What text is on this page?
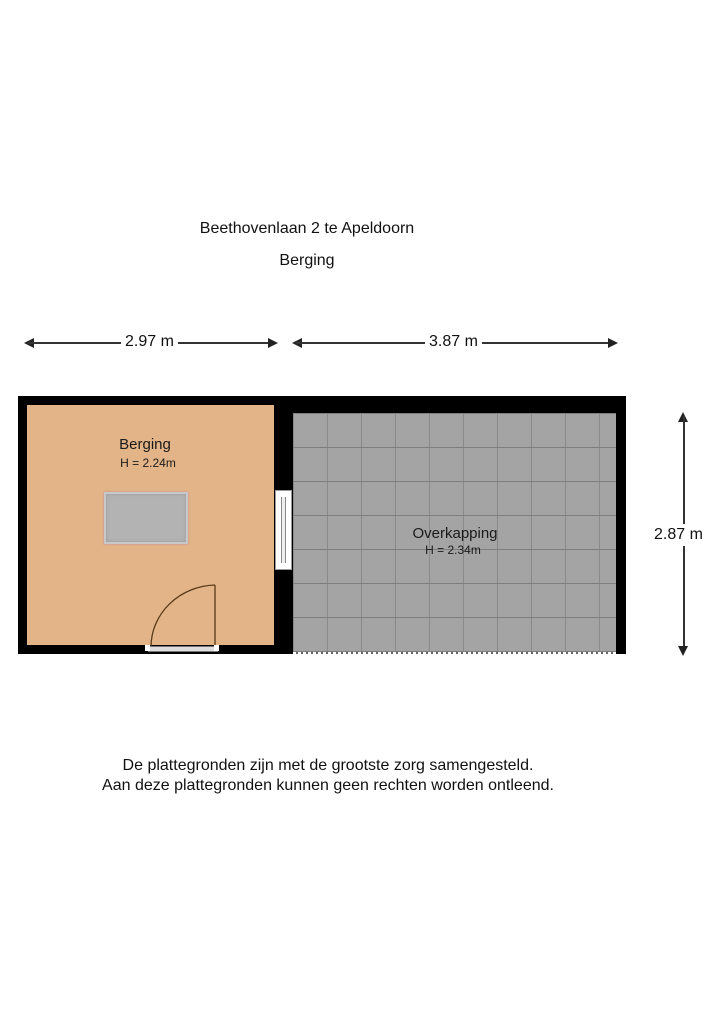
Beethovenlaan 2 te Apeldoorn
Berging
2.97 m	3.87 m
2.87 m
Berging
H = 2.24m
Overkapping
H = 2.34m
De plattegronden zijn met de grootste zorg samengesteld.
Aan deze plattegronden kunnen geen rechten worden ontleend.
